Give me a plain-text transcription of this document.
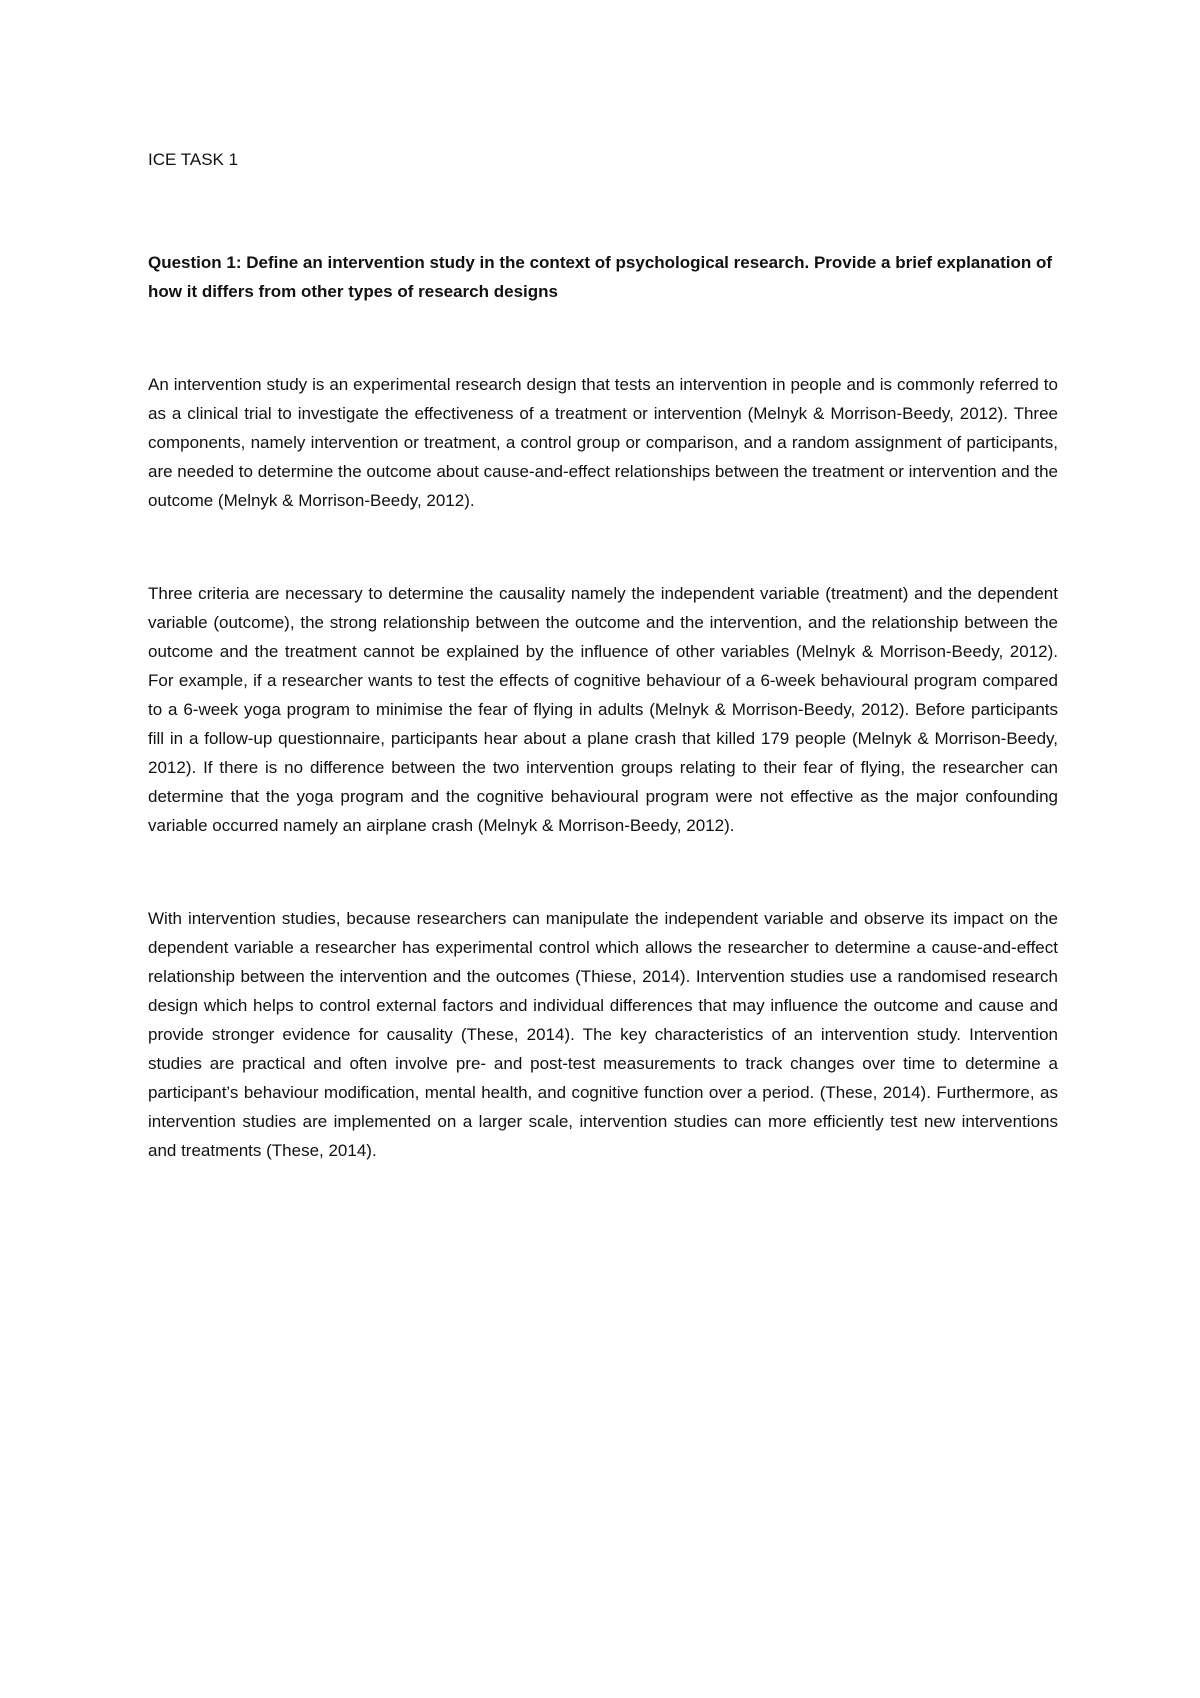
ICE TASK 1

Question 1: Define an intervention study in the context of psychological research. Provide a brief explanation of how it differs from other types of research designs

An intervention study is an experimental research design that tests an intervention in people and is commonly referred to as a clinical trial to investigate the effectiveness of a treatment or intervention (Melnyk & Morrison-Beedy, 2012). Three components, namely intervention or treatment, a control group or comparison, and a random assignment of participants, are needed to determine the outcome about cause-and-effect relationships between the treatment or intervention and the outcome (Melnyk & Morrison-Beedy, 2012).

Three criteria are necessary to determine the causality namely the independent variable (treatment) and the dependent variable (outcome), the strong relationship between the outcome and the intervention, and the relationship between the outcome and the treatment cannot be explained by the influence of other variables (Melnyk & Morrison-Beedy, 2012). For example, if a researcher wants to test the effects of cognitive behaviour of a 6-week behavioural program compared to a 6-week yoga program to minimise the fear of flying in adults (Melnyk & Morrison-Beedy, 2012). Before participants fill in a follow-up questionnaire, participants hear about a plane crash that killed 179 people (Melnyk & Morrison-Beedy, 2012). If there is no difference between the two intervention groups relating to their fear of flying, the researcher can determine that the yoga program and the cognitive behavioural program were not effective as the major confounding variable occurred namely an airplane crash (Melnyk & Morrison-Beedy, 2012).

With intervention studies, because researchers can manipulate the independent variable and observe its impact on the dependent variable a researcher has experimental control which allows the researcher to determine a cause-and-effect relationship between the intervention and the outcomes (Thiese, 2014). Intervention studies use a randomised research design which helps to control external factors and individual differences that may influence the outcome and cause and provide stronger evidence for causality (These, 2014). The key characteristics of an intervention study. Intervention studies are practical and often involve pre- and post-test measurements to track changes over time to determine a participant’s behaviour modification, mental health, and cognitive function over a period. (These, 2014). Furthermore, as intervention studies are implemented on a larger scale, intervention studies can more efficiently test new interventions and treatments (These, 2014).
